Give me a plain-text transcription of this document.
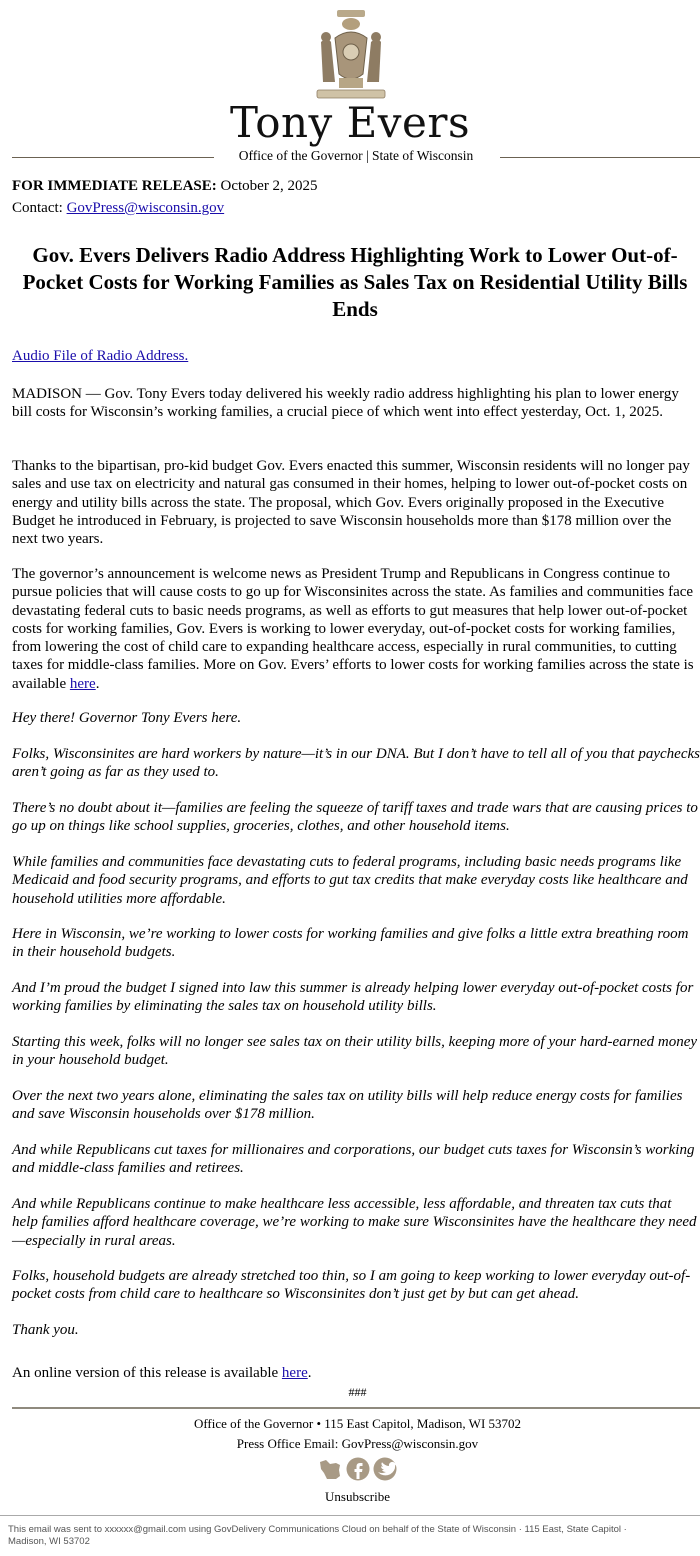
Tony Evers
Office of the Governor | State of Wisconsin
FOR IMMEDIATE RELEASE: October 2, 2025
Contact: GovPress@wisconsin.gov
Gov. Evers Delivers Radio Address Highlighting Work to Lower Out-of-Pocket Costs for Working Families as Sales Tax on Residential Utility Bills Ends
Audio File of Radio Address.
MADISON — Gov. Tony Evers today delivered his weekly radio address highlighting his plan to lower energy bill costs for Wisconsin’s working families, a crucial piece of which went into effect yesterday, Oct. 1, 2025.
Thanks to the bipartisan, pro-kid budget Gov. Evers enacted this summer, Wisconsin residents will no longer pay sales and use tax on electricity and natural gas consumed in their homes, helping to lower out-of-pocket costs on energy and utility bills across the state. The proposal, which Gov. Evers originally proposed in the Executive Budget he introduced in February, is projected to save Wisconsin households more than $178 million over the next two years.
The governor’s announcement is welcome news as President Trump and Republicans in Congress continue to pursue policies that will cause costs to go up for Wisconsinites across the state. As families and communities face devastating federal cuts to basic needs programs, as well as efforts to gut measures that help lower out-of-pocket costs for working families, Gov. Evers is working to lower everyday, out-of-pocket costs for working families, from lowering the cost of child care to expanding healthcare access, especially in rural communities, to cutting taxes for middle-class families. More on Gov. Evers’ efforts to lower costs for working families across the state is available here.
Hey there! Governor Tony Evers here.
Folks, Wisconsinites are hard workers by nature—it’s in our DNA. But I don’t have to tell all of you that paychecks aren’t going as far as they used to.
There’s no doubt about it—families are feeling the squeeze of tariff taxes and trade wars that are causing prices to go up on things like school supplies, groceries, clothes, and other household items.
While families and communities face devastating cuts to federal programs, including basic needs programs like Medicaid and food security programs, and efforts to gut tax credits that make everyday costs like healthcare and household utilities more affordable.
Here in Wisconsin, we’re working to lower costs for working families and give folks a little extra breathing room in their household budgets.
And I’m proud the budget I signed into law this summer is already helping lower everyday out-of-pocket costs for working families by eliminating the sales tax on household utility bills.
Starting this week, folks will no longer see sales tax on their utility bills, keeping more of your hard-earned money in your household budget.
Over the next two years alone, eliminating the sales tax on utility bills will help reduce energy costs for families and save Wisconsin households over $178 million.
And while Republicans cut taxes for millionaires and corporations, our budget cuts taxes for Wisconsin’s working and middle-class families and retirees.
And while Republicans continue to make healthcare less accessible, less affordable, and threaten tax cuts that help families afford healthcare coverage, we’re working to make sure Wisconsinites have the healthcare they need—especially in rural areas.
Folks, household budgets are already stretched too thin, so I am going to keep working to lower everyday out-of-pocket costs from child care to healthcare so Wisconsinites don’t just get by but can get ahead.
Thank you.
An online version of this release is available here.
###
Office of the Governor • 115 East Capitol, Madison, WI 53702
Press Office Email: GovPress@wisconsin.gov
Unsubscribe
This email was sent to xxxxxx@gmail.com using GovDelivery Communications Cloud on behalf of the State of Wisconsin · 115 East, State Capitol · Madison, WI 53702
